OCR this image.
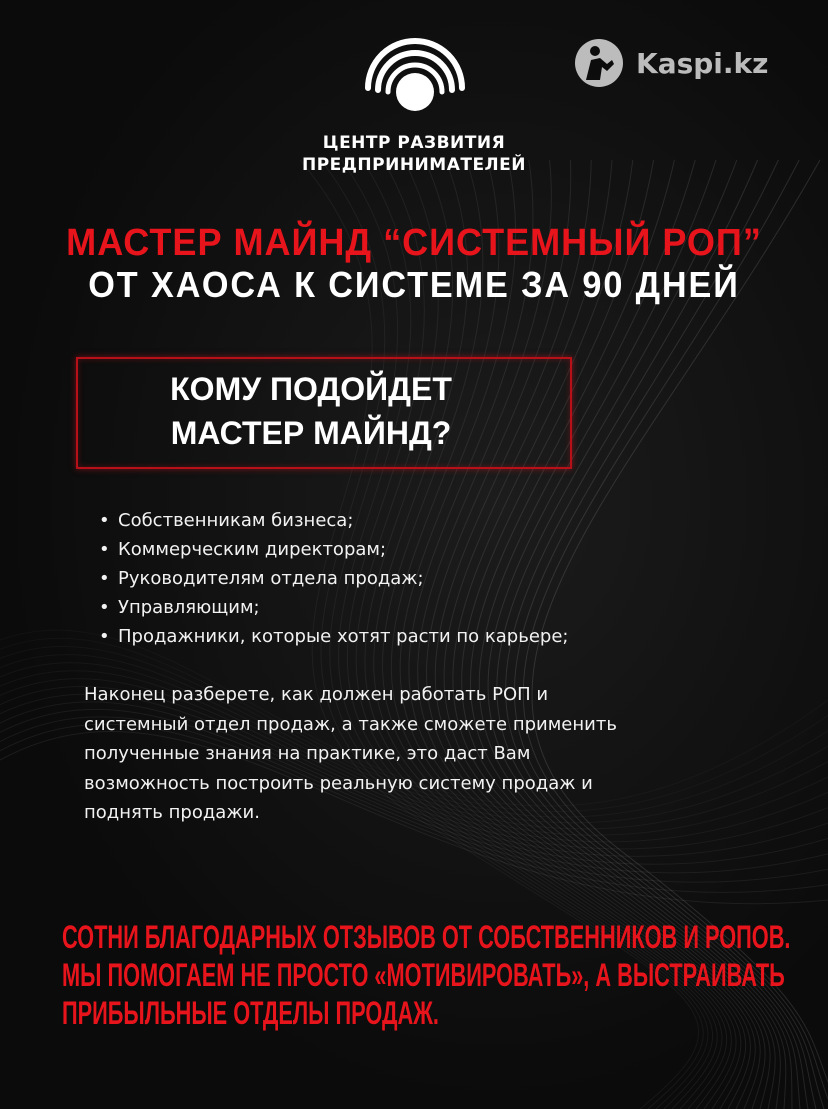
ЦЕНТР РАЗВИТИЯ
ПРЕДПРИНИМАТЕЛЕЙ
Kaspi.kz
МАСТЕР МАЙНД “СИСТЕМНЫЙ РОП”
ОТ ХАОСА К СИСТЕМЕ ЗА 90 ДНЕЙ
КОМУ ПОДОЙДЕТ
МАСТЕР МАЙНД?
• Собственникам бизнеса;
• Коммерческим директорам;
• Руководителям отдела продаж;
• Управляющим;
• Продажники, которые хотят расти по карьере;
Наконец разберете, как должен работать РОП и
системный отдел продаж, а также сможете применить
полученные знания на практике, это даст Вам
возможность построить реальную систему продаж и
поднять продажи.
СОТНИ БЛАГОДАРНЫХ ОТЗЫВОВ ОТ СОБСТВЕННИКОВ И РОПОВ.
МЫ ПОМОГАЕМ НЕ ПРОСТО «МОТИВИРОВАТЬ», А ВЫСТРАИВАТЬ
ПРИБЫЛЬНЫЕ ОТДЕЛЫ ПРОДАЖ.
